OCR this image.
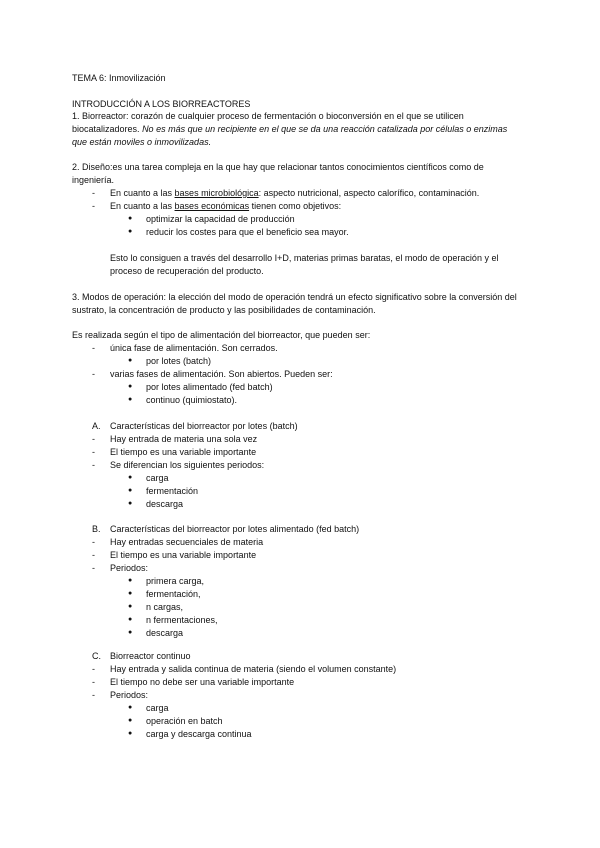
TEMA 6: Inmovilización
INTRODUCCIÓN A LOS BIORREACTORES
1. Biorreactor: corazón de cualquier proceso de fermentación o bioconversión en el que se utilicen
biocatalizadores. No es más que un recipiente en el que se da una reacción catalizada por células o enzimas
que están moviles o inmovilizadas.
2. Diseño:es una tarea compleja en la que hay que relacionar tantos conocimientos científicos como de
ingeniería.
- En cuanto a las bases microbiológica: aspecto nutricional, aspecto calorífico, contaminación.
- En cuanto a las bases económicas tienen como objetivos:
● optimizar la capacidad de producción
● reducir los costes para que el beneficio sea mayor.
Esto lo consiguen a través del desarrollo I+D, materias primas baratas, el modo de operación y el
proceso de recuperación del producto.
3. Modos de operación: la elección del modo de operación tendrá un efecto significativo sobre la conversión del
sustrato, la concentración de producto y las posibilidades de contaminación.
Es realizada según el tipo de alimentación del biorreactor, que pueden ser:
- única fase de alimentación. Son cerrados.
● por lotes (batch)
- varias fases de alimentación. Son abiertos. Pueden ser:
● por lotes alimentado (fed batch)
● continuo (quimiostato).
A. Características del biorreactor por lotes (batch)
- Hay entrada de materia una sola vez
- El tiempo es una variable importante
- Se diferencian los siguientes periodos:
● carga
● fermentación
● descarga
B. Características del biorreactor por lotes alimentado (fed batch)
- Hay entradas secuenciales de materia
- El tiempo es una variable importante
- Periodos:
● primera carga,
● fermentación,
● n cargas,
● n fermentaciones,
● descarga
C. Biorreactor continuo
- Hay entrada y salida continua de materia (siendo el volumen constante)
- El tiempo no debe ser una variable importante
- Periodos:
● carga
● operación en batch
● carga y descarga continua
